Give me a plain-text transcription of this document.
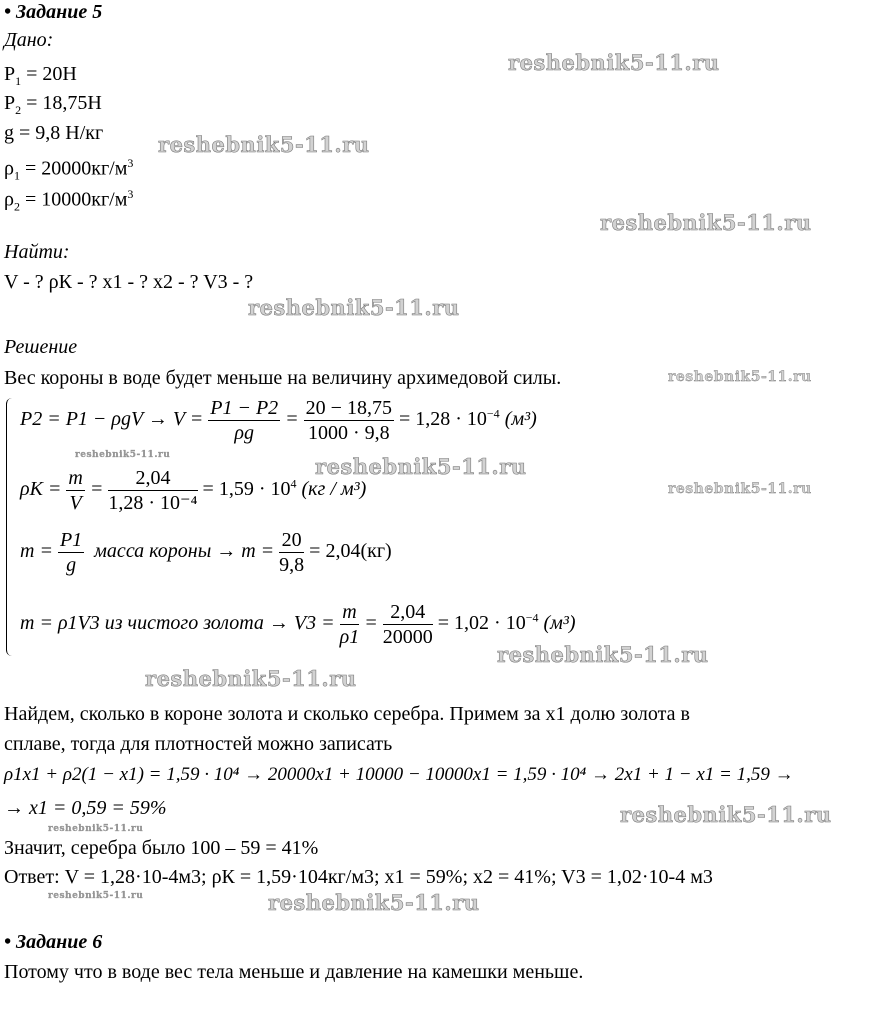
• Задание 5
Дано:
$P_1 = 20Н$
$P_2 = 18,75Н$
g = 9,8 Н/кг
$\rho_1 = 20000кг/м^3$
$\rho_2 = 10000кг/м^3$
Найти:
V - ? ρК - ? x1 - ? x2 - ? V3 - ?
Решение
Вес короны в воде будет меньше на величину архимедовой силы.
$P2 = P1 - \rho gV \to V = \frac{P1 - P2}{\rho g} = \frac{20 - 18,75}{1000 \cdot 9,8} = 1,28 \cdot 10^{-4}$ (м³)
$\rho К = \frac{m}{V} = \frac{2,04}{\text{1,28 · 10⁻⁴}} = 1,59 \cdot 10^4$ (кг / м³)
$m = \frac{P1}{g}$ масса короны → $m = \frac{20}{9,8} = 2,04(кг)$
m = ρ1V3 из чистого золота → $V3 = \frac{m}{\rho 1} = \frac{2,04}{20000} = 1,02 \cdot 10^{-4}$ (м³)
Найдем, сколько в короне золота и сколько серебра. Примем за x1 долю золота в
сплаве, тогда для плотностей можно записать
ρ1x1 + ρ2(1 − x1) = 1,59 · 10⁴ → 20000x1 + 10000 − 10000x1 = 1,59 · 10⁴ → 2x1 + 1 − x1 = 1,59 →
→ x1 = 0,59 = 59%
Значит, серебра было 100 – 59 = 41%
Ответ: V = 1,28·10-4м3; ρК = 1,59·104кг/м3; x1 = 59%; x2 = 41%; V3 = 1,02·10-4 м3
• Задание 6
Потому что в воде вес тела меньше и давление на камешки меньше.
reshebnik5-11.ru
reshebnik5-11.ru
reshebnik5-11.ru
reshebnik5-11.ru
reshebnik5-11.ru
reshebnik5-11.ru	reshebnik5-11.ru
reshebnik5-11.ru
reshebnik5-11.ru
reshebnik5-11.ru
reshebnik5-11.ru
reshebnik5-11.ru
reshebnik5-11.ru	reshebnik5-11.ru
